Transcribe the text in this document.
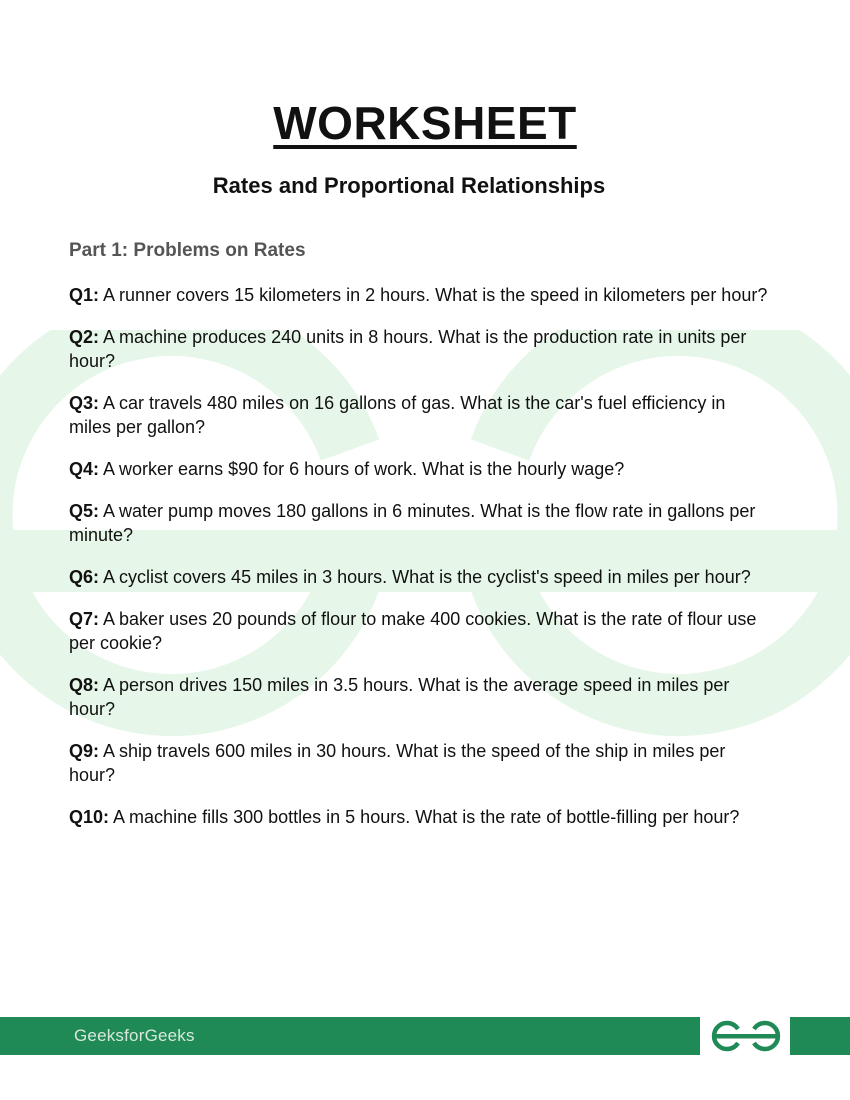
WORKSHEET
Rates and Proportional Relationships
Part 1: Problems on Rates
Q1: A runner covers 15 kilometers in 2 hours. What is the speed in kilometers per hour?
Q2: A machine produces 240 units in 8 hours. What is the production rate in units per hour?
Q3: A car travels 480 miles on 16 gallons of gas. What is the car's fuel efficiency in miles per gallon?
Q4: A worker earns $90 for 6 hours of work. What is the hourly wage?
Q5: A water pump moves 180 gallons in 6 minutes. What is the flow rate in gallons per minute?
Q6: A cyclist covers 45 miles in 3 hours. What is the cyclist's speed in miles per hour?
Q7: A baker uses 20 pounds of flour to make 400 cookies. What is the rate of flour use per cookie?
Q8: A person drives 150 miles in 3.5 hours. What is the average speed in miles per hour?
Q9: A ship travels 600 miles in 30 hours. What is the speed of the ship in miles per hour?
Q10: A machine fills 300 bottles in 5 hours. What is the rate of bottle-filling per hour?
GeeksforGeeks
